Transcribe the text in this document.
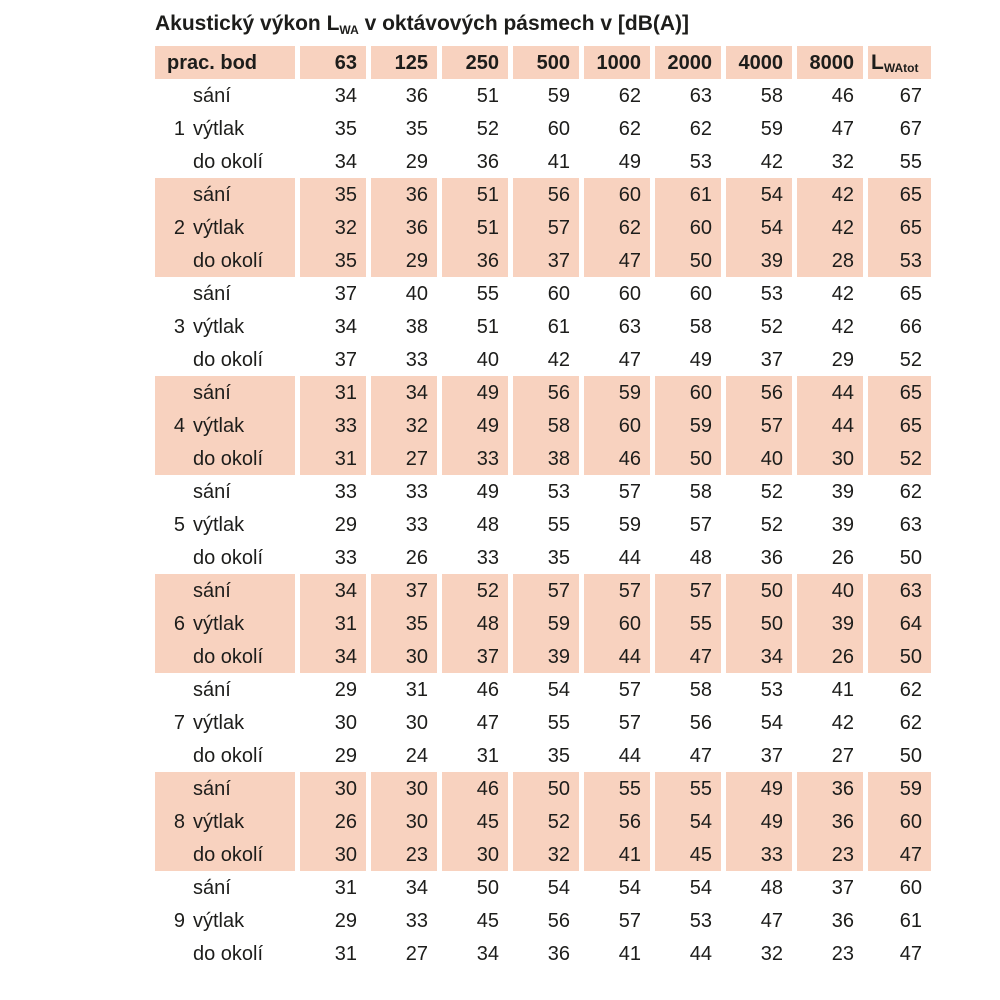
Akustický výkon $L_{WA}$ v oktávových pásmech v [dB(A)]
prac. bod	63	125	250	500	1000	2000	4000	8000	$L_{WAtot}$
sání	34	36	51	59	62	63	58	46	67
1 výtlak	35	35	52	60	62	62	59	47	67
do okolí	34	29	36	41	49	53	42	32	55
sání	35	36	51	56	60	61	54	42	65
2 výtlak	32	36	51	57	62	60	54	42	65
do okolí	35	29	36	37	47	50	39	28	53
sání	37	40	55	60	60	60	53	42	65
3 výtlak	34	38	51	61	63	58	52	42	66
do okolí	37	33	40	42	47	49	37	29	52
sání	31	34	49	56	59	60	56	44	65
4 výtlak	33	32	49	58	60	59	57	44	65
do okolí	31	27	33	38	46	50	40	30	52
sání	33	33	49	53	57	58	52	39	62
5 výtlak	29	33	48	55	59	57	52	39	63
do okolí	33	26	33	35	44	48	36	26	50
sání	34	37	52	57	57	57	50	40	63
6 výtlak	31	35	48	59	60	55	50	39	64
do okolí	34	30	37	39	44	47	34	26	50
sání	29	31	46	54	57	58	53	41	62
7 výtlak	30	30	47	55	57	56	54	42	62
do okolí	29	24	31	35	44	47	37	27	50
sání	30	30	46	50	55	55	49	36	59
8 výtlak	26	30	45	52	56	54	49	36	60
do okolí	30	23	30	32	41	45	33	23	47
sání	31	34	50	54	54	54	48	37	60
9 výtlak	29	33	45	56	57	53	47	36	61
do okolí	31	27	34	36	41	44	32	23	47
